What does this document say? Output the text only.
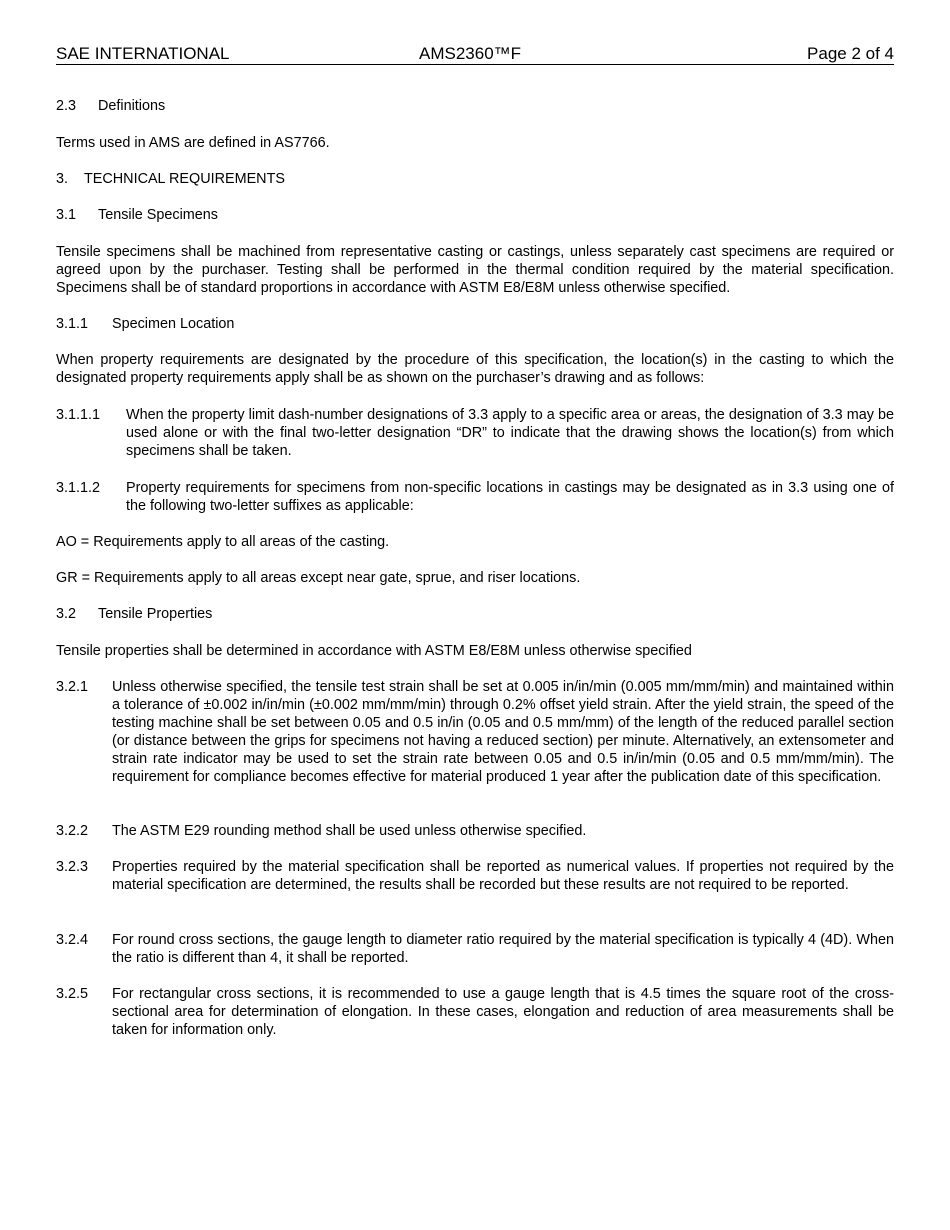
SAE INTERNATIONAL	AMS2360™F	Page 2 of 4
2.3 Definitions
Terms used in AMS are defined in AS7766.
3. TECHNICAL REQUIREMENTS
3.1 Tensile Specimens
Tensile specimens shall be machined from representative casting or castings, unless separately cast specimens are required or agreed upon by the purchaser. Testing shall be performed in the thermal condition required by the material specification. Specimens shall be of standard proportions in accordance with ASTM E8/E8M unless otherwise specified.
3.1.1 Specimen Location
When property requirements are designated by the procedure of this specification, the location(s) in the casting to which the designated property requirements apply shall be as shown on the purchaser’s drawing and as follows:
3.1.1.1 When the property limit dash-number designations of 3.3 apply to a specific area or areas, the designation of 3.3 may be used alone or with the final two-letter designation “DR” to indicate that the drawing shows the location(s) from which specimens shall be taken.
3.1.1.2 Property requirements for specimens from non-specific locations in castings may be designated as in 3.3 using one of the following two-letter suffixes as applicable:
AO = Requirements apply to all areas of the casting.
GR = Requirements apply to all areas except near gate, sprue, and riser locations.
3.2 Tensile Properties
Tensile properties shall be determined in accordance with ASTM E8/E8M unless otherwise specified
3.2.1 Unless otherwise specified, the tensile test strain shall be set at 0.005 in/in/min (0.005 mm/mm/min) and maintained within a tolerance of ±0.002 in/in/min (±0.002 mm/mm/min) through 0.2% offset yield strain. After the yield strain, the speed of the testing machine shall be set between 0.05 and 0.5 in/in (0.05 and 0.5 mm/mm) of the length of the reduced parallel section (or distance between the grips for specimens not having a reduced section) per minute. Alternatively, an extensometer and strain rate indicator may be used to set the strain rate between 0.05 and 0.5 in/in/min (0.05 and 0.5 mm/mm/min). The requirement for compliance becomes effective for material produced 1 year after the publication date of this specification.
3.2.2 The ASTM E29 rounding method shall be used unless otherwise specified.
3.2.3 Properties required by the material specification shall be reported as numerical values. If properties not required by the material specification are determined, the results shall be recorded but these results are not required to be reported.
3.2.4 For round cross sections, the gauge length to diameter ratio required by the material specification is typically 4 (4D). When the ratio is different than 4, it shall be reported.
3.2.5 For rectangular cross sections, it is recommended to use a gauge length that is 4.5 times the square root of the cross-sectional area for determination of elongation. In these cases, elongation and reduction of area measurements shall be taken for information only.
